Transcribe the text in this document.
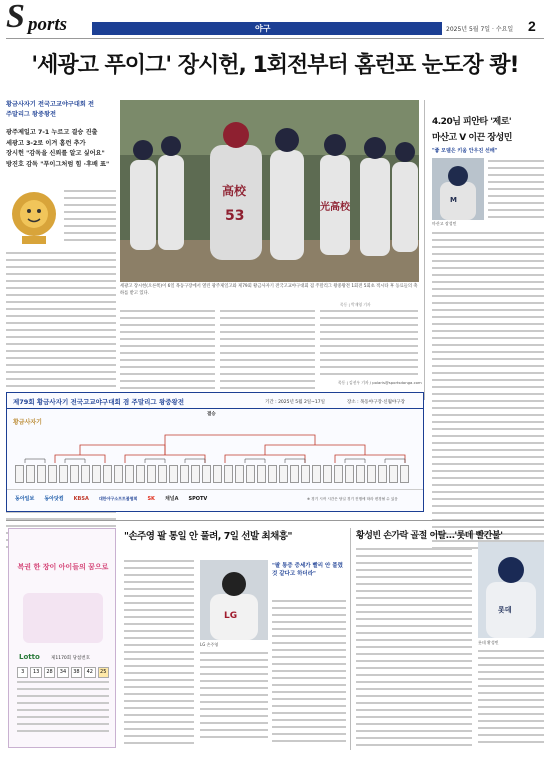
S ports	야구	2025년 5월 7일 · 수요일 2
'세광고 푸이그' 장시헌, 1회전부터 홈런포 눈도장 쾅!
황금사자기 전국고교야구대회 전
주말리그 왕중왕전
광주제일고 7-1 누르고 결승 진출
세광고 3-2로 이겨 홈런 추가
장시헌 "감독을 신뢰를 알고 싶어요"
방진호 감독 "푸이그처럼 힘 ·후배 표"
高校
53
光高校
세광고 장시헌(오른쪽)이 6일 목동구장에서 열린 광주제일고와 제79회 황금사자기 전국고교야구대회 겸 주말리그 왕중왕전 1회전 5회초 적시타 후 동료들의 축하를 받고 있다.
목동 | 박재영 기자
목동 | 김선우 기자 / polaris@sportsdonga.com
4.20님 피안타 '제로'
마산고 V 이끈 장성민
"좋 모델은 키움 안우진 선배"
M
마산고 장성민
제79회 황금사자기 전국고교야구대회 겸 주말리그 왕중왕전	기간 : 2025년 5월 2일~17일	장소 : 목동야구장·신월야구장
황금사자기
결승
동아일보 동아닷컴 KBSA	대한야구소프트볼협회 SK 채널A SPOTV	※ 경기 시작 시간은 당일 경기 진행에 따라 변경될 수 있음
복권 한 장이 아이들의 꿈으로
Lotto 제1170회 당첨번호
3	13	28	34	38	42	25
"손주영 팔 통일 안 풀려, 7일 선발 최채흥"
LG
LG 손주영
"팔 통증 증세가 빨리 안 풀렸 것 같다고 하더라"
황성빈 손가락 골절 이탈…'롯데 빨간불'
롯데
롯데 황성빈
